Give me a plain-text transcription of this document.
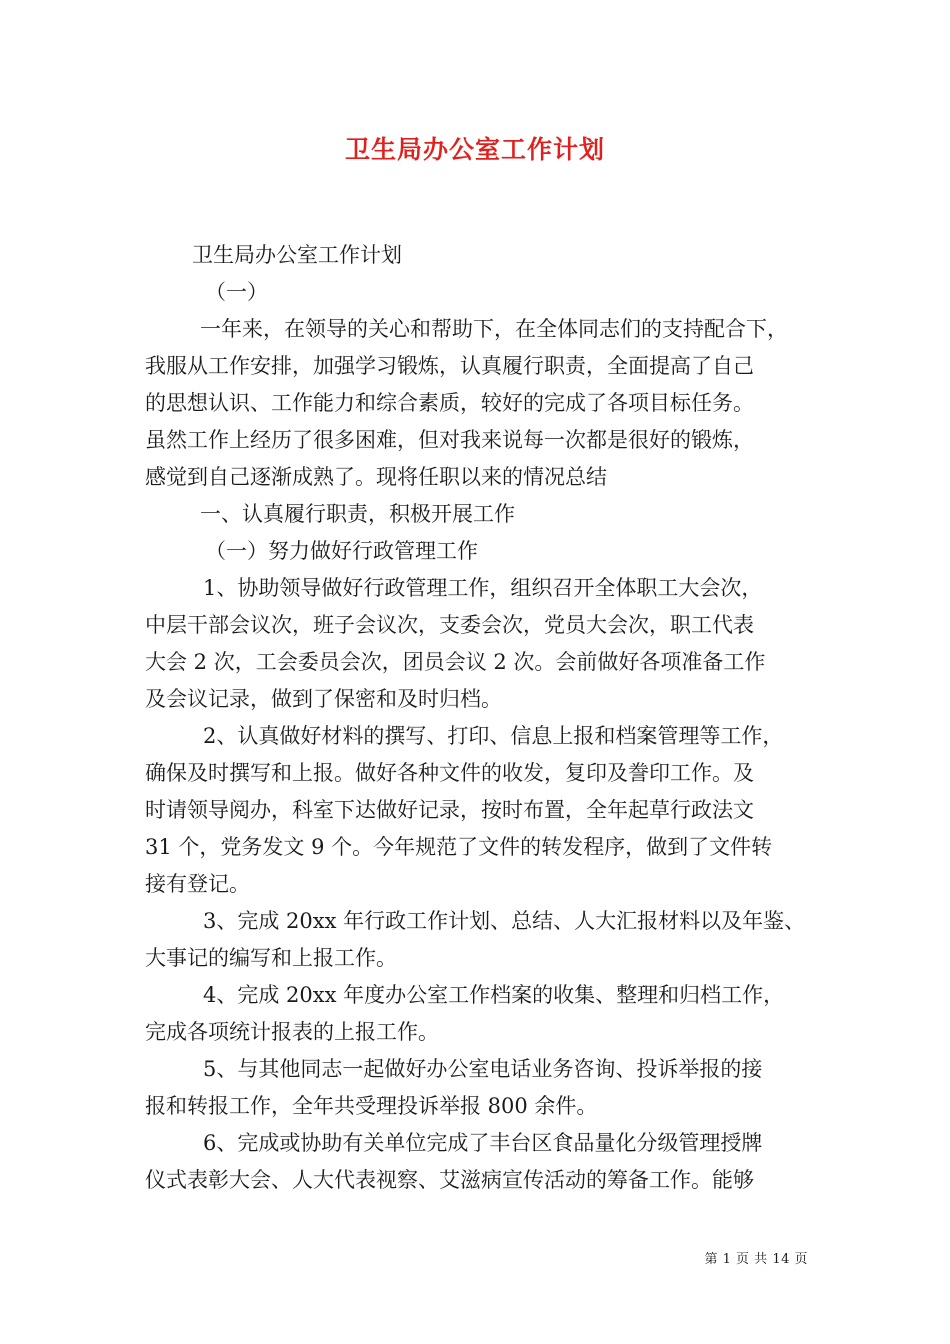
卫生局办公室工作计划
卫生局办公室工作计划
（一）
一年来，在领导的关心和帮助下，在全体同志们的支持配合下，
我服从工作安排，加强学习锻炼，认真履行职责，全面提高了自己
的思想认识、工作能力和综合素质，较好的完成了各项目标任务。
虽然工作上经历了很多困难，但对我来说每一次都是很好的锻炼，
感觉到自己逐渐成熟了。现将任职以来的情况总结
一、认真履行职责，积极开展工作
（一）努力做好行政管理工作
1、协助领导做好行政管理工作，组织召开全体职工大会次，
中层干部会议次，班子会议次，支委会次，党员大会次，职工代表
大会 2 次，工会委员会次，团员会议 2 次。会前做好各项准备工作
及会议记录，做到了保密和及时归档。
2、认真做好材料的撰写、打印、信息上报和档案管理等工作，
确保及时撰写和上报。做好各种文件的收发，复印及誊印工作。及
时请领导阅办，科室下达做好记录，按时布置，全年起草行政法文
31 个，党务发文 9 个。今年规范了文件的转发程序，做到了文件转
接有登记。
3、完成 20xx 年行政工作计划、总结、人大汇报材料以及年鉴、
大事记的编写和上报工作。
4、完成 20xx 年度办公室工作档案的收集、整理和归档工作，
完成各项统计报表的上报工作。
5、与其他同志一起做好办公室电话业务咨询、投诉举报的接
报和转报工作，全年共受理投诉举报 800 余件。
6、完成或协助有关单位完成了丰台区食品量化分级管理授牌
仪式表彰大会、人大代表视察、艾滋病宣传活动的筹备工作。能够
第 1 页 共 14 页
